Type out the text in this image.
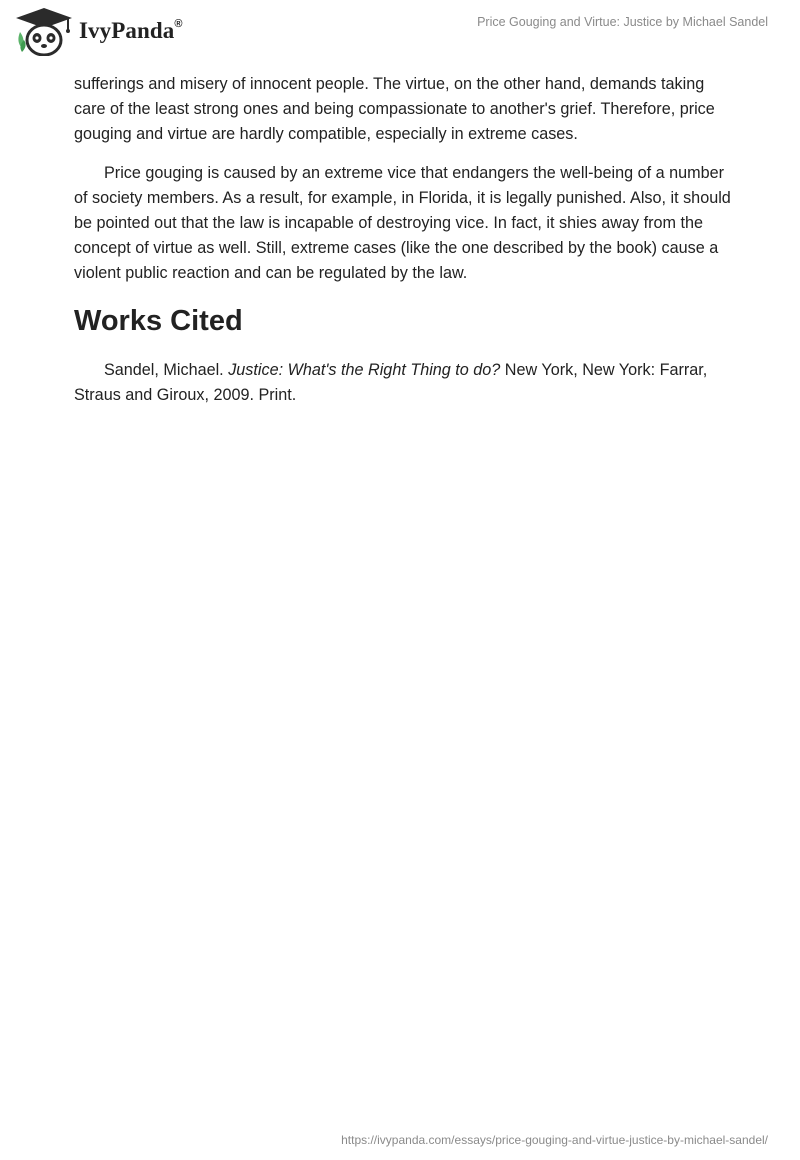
IvyPanda®	Price Gouging and Virtue: Justice by Michael Sandel

sufferings and misery of innocent people. The virtue, on the other hand, demands taking care of the least strong ones and being compassionate to another's grief. Therefore, price gouging and virtue are hardly compatible, especially in extreme cases.

Price gouging is caused by an extreme vice that endangers the well-being of a number of society members. As a result, for example, in Florida, it is legally punished. Also, it should be pointed out that the law is incapable of destroying vice. In fact, it shies away from the concept of virtue as well. Still, extreme cases (like the one described by the book) cause a violent public reaction and can be regulated by the law.

Works Cited

Sandel, Michael. Justice: What's the Right Thing to do? New York, New York: Farrar, Straus and Giroux, 2009. Print.

https://ivypanda.com/essays/price-gouging-and-virtue-justice-by-michael-sandel/
